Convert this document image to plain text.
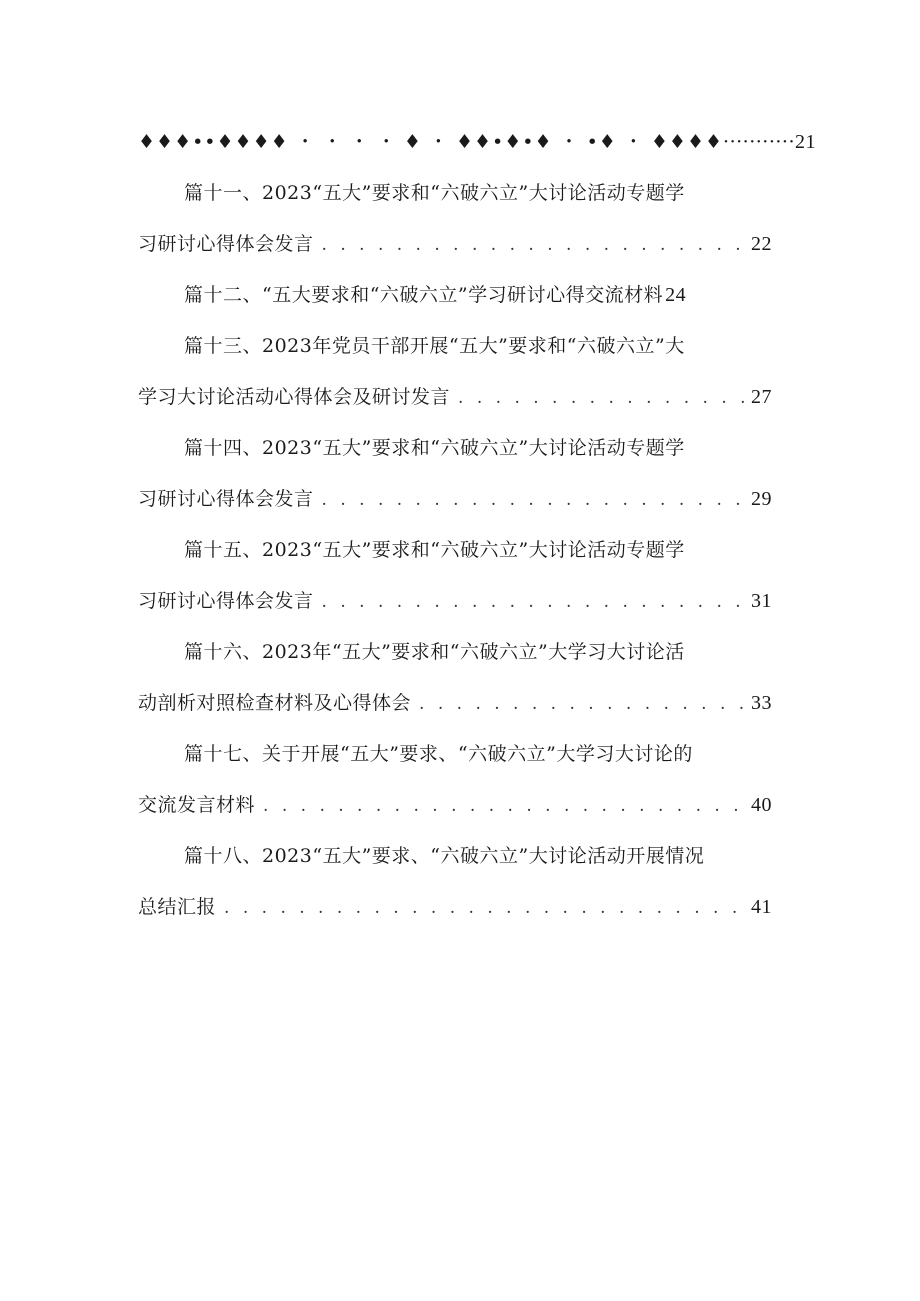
♦♦♦••♦♦♦♦ ・ ・ ・ ・ ♦ ・ ♦♦•♦•♦ ・ •♦ ・ ♦♦♦♦ ··········· 21
篇十一、2023“五大”要求和“六破六立”大讨论活动专题学
习研讨心得体会发言 . . .	22
篇十二、“五大要求和“六破六立”学习研讨心得交流材料 24
篇十三、2023年党员干部开展“五大”要求和“六破六立”大
学习大讨论活动心得体会及研讨发言 . . .	27
篇十四、2023“五大”要求和“六破六立”大讨论活动专题学
习研讨心得体会发言 . . .	29
篇十五、2023“五大”要求和“六破六立”大讨论活动专题学
习研讨心得体会发言 . . .	31
篇十六、2023年“五大”要求和“六破六立”大学习大讨论活
动剖析对照检查材料及心得体会 . . .	33
篇十七、关于开展“五大”要求、“六破六立”大学习大讨论的
交流发言材料 . . .	40
篇十八、2023“五大”要求、“六破六立”大讨论活动开展情况
总结汇报 . . .	41
